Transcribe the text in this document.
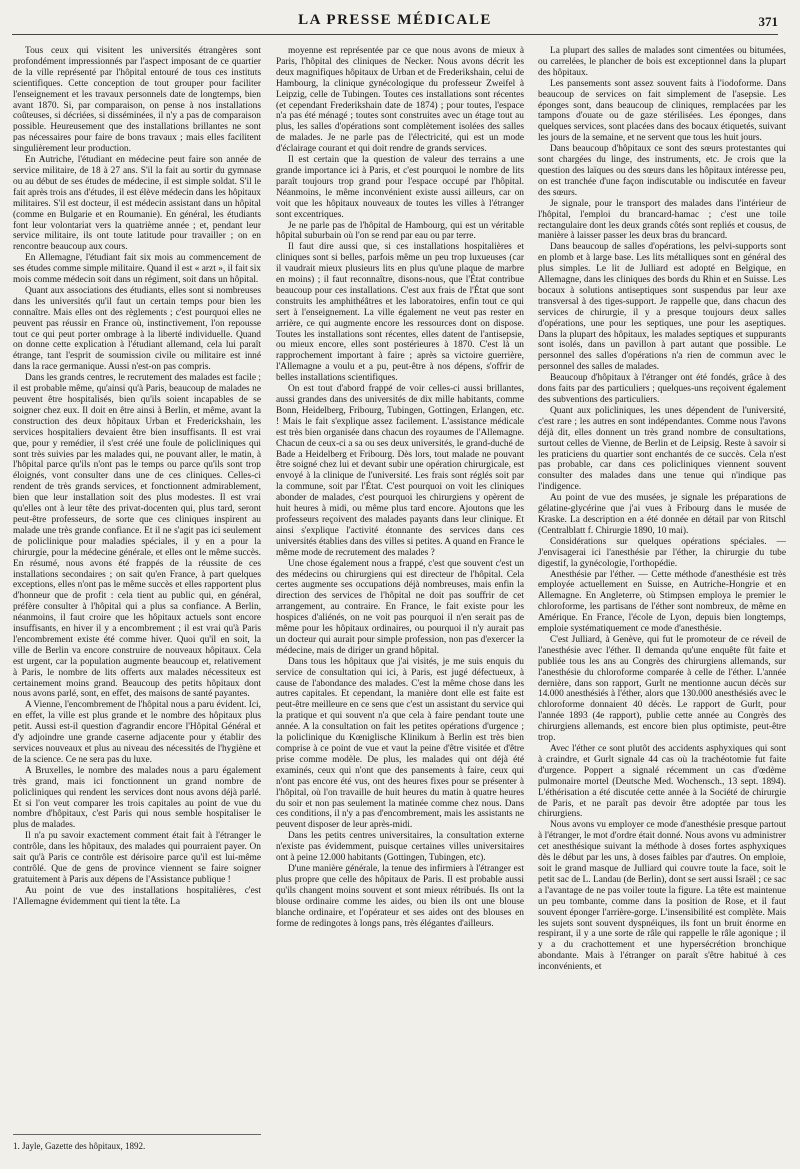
LA PRESSE MÉDICALE	371

Tous ceux qui visitent les universités étrangères sont profondément impressionnés par l'aspect imposant de ce quartier de la ville représenté par l'hôpital entouré de tous ces instituts scientifiques. Cette conception de tout grouper pour faciliter l'enseignement et les travaux personnels date de longtemps, bien avant 1870. Si, par comparaison, on pense à nos installations coûteuses, si décriées, si disséminées, il n'y a pas de comparaison possible. Heureusement que des installations brillantes ne sont pas nécessaires pour faire de bons travaux ; mais elles facilitent singulièrement leur production.

En Autriche, l'étudiant en médecine peut faire son année de service militaire, de 18 à 27 ans. S'il la fait au sortir du gymnase ou au début de ses études de médecine, il est simple soldat. S'il le fait après trois ans d'études, il est élève médecin dans les hôpitaux militaires. S'il est docteur, il est médecin assistant dans un hôpital (comme en Bulgarie et en Roumanie). En général, les étudiants font leur volontariat vers la quatrième année ; et, pendant leur service militaire, ils ont toute latitude pour travailler ; on en rencontre beaucoup aux cours.

En Allemagne, l'étudiant fait six mois au commencement de ses études comme simple militaire. Quand il est « arzt », il fait six mois comme médecin soit dans un régiment, soit dans un hôpital.

Quant aux associations des étudiants, elles sont si nombreuses dans les universités qu'il faut un certain temps pour bien les connaître. Mais elles ont des règlements ; c'est pourquoi elles ne peuvent pas réussir en France où, instinctivement, l'on repousse tout ce qui peut porter ombrage à la liberté individuelle. Quand on donne cette explication à l'étudiant allemand, cela lui paraît étrange, tant l'esprit de soumission civile ou militaire est inné dans la race germanique. Aussi n'est-on pas compris.

Dans les grands centres, le recrutement des malades est facile ; il est probable même, qu'ainsi qu'à Paris, beaucoup de malades ne peuvent être hospitalisés, bien qu'ils soient incapables de se soigner chez eux. Il doit en être ainsi à Berlin, et même, avant la construction des deux hôpitaux Urban et Frederickshain, les services hospitaliers devaient être bien insuffisants. Il est vrai que, pour y remédier, il s'est créé une foule de policliniques qui sont très suivies par les malades qui, ne pouvant aller, le matin, à l'hôpital parce qu'ils n'ont pas le temps ou parce qu'ils sont trop éloignés, vont consulter dans une de ces cliniques. Celles-ci rendent de très grands services, et fonctionnent admirablement, bien que leur installation soit des plus modestes. Il est vrai qu'elles ont à leur tête des privat-docenten qui, plus tard, seront peut-être professeurs, de sorte que ces cliniques inspirent au malade une très grande confiance. Et il ne s'agit pas ici seulement de policlinique pour maladies spéciales, il y en a pour la chirurgie, pour la médecine générale, et elles ont le même succès. En résumé, nous avons été frappés de la réussite de ces installations secondaires ; on sait qu'en France, à part quelques exceptions, elles n'ont pas le même succès et elles rapportent plus d'honneur que de profit : cela tient au public qui, en général, préfère consulter à l'hôpital qui a plus sa confiance. A Berlin, néanmoins, il faut croire que les hôpitaux actuels sont encore insuffisants, en hiver il y a encombrement ; il est vrai qu'à Paris l'encombrement existe été comme hiver. Quoi qu'il en soit, la ville de Berlin va encore construire de nouveaux hôpitaux. Cela est urgent, car la population augmente beaucoup et, relativement à Paris, le nombre de lits offerts aux malades nécessiteux est certainement moins grand. Beaucoup des petits hôpitaux dont nous avons parlé, sont, en effet, des maisons de santé payantes.

A Vienne, l'encombrement de l'hôpital nous a paru évident. Ici, en effet, la ville est plus grande et le nombre des hôpitaux plus petit. Aussi est-il question d'agrandir encore l'Hôpital Général et d'y adjoindre une grande caserne adjacente pour y établir des services nouveaux et plus au niveau des nécessités de l'hygiène et de la science. Ce ne sera pas du luxe.

A Bruxelles, le nombre des malades nous a paru également très grand, mais ici fonctionnent un grand nombre de policliniques qui rendent les services dont nous avons déjà parlé. Et si l'on veut comparer les trois capitales au point de vue du nombre d'hôpitaux, c'est Paris qui nous semble hospitaliser le plus de malades.

Il n'a pu savoir exactement comment était fait à l'étranger le contrôle, dans les hôpitaux, des malades qui pourraient payer. On sait qu'à Paris ce contrôle est dérisoire parce qu'il est lui-même contrôlé. Que de gens de province viennent se faire soigner gratuitement à Paris aux dépens de l'Assistance publique !

Au point de vue des installations hospitalières, c'est l'Allemagne évidemment qui tient la tête. La

1. Jayle, Gazette des hôpitaux, 1892.

moyenne est représentée par ce que nous avons de mieux à Paris, l'hôpital des cliniques de Necker. Nous avons décrit les deux magnifiques hôpitaux de Urban et de Frederikshain, celui de Hambourg, la clinique gynécologique du professeur Zweifel à Leipzig, celle de Tubingen. Toutes ces installations sont récentes (et cependant Frederikshain date de 1874) ; pour toutes, l'espace n'a pas été ménagé ; toutes sont construites avec un étage tout au plus, les salles d'opérations sont complètement isolées des salles de malades. Je ne parle pas de l'électricité, qui est un mode d'éclairage courant et qui doit rendre de grands services.

Il est certain que la question de valeur des terrains a une grande importance ici à Paris, et c'est pourquoi le nombre de lits paraît toujours trop grand pour l'espace occupé par l'hôpital. Néanmoins, le même inconvénient existe aussi ailleurs, car on voit que les hôpitaux nouveaux de toutes les villes à l'étranger sont excentriques.

Je ne parle pas de l'hôpital de Hambourg, qui est un véritable hôpital suburbain où l'on se rend par eau ou par terre.

Il faut dire aussi que, si ces installations hospitalières et cliniques sont si belles, parfois même un peu trop luxueuses (car il vaudrait mieux plusieurs lits en plus qu'une plaque de marbre en moins) ; il faut reconnaître, disons-nous, que l'État contribue beaucoup pour ces installations. C'est aux frais de l'État que sont construits les amphithéâtres et les laboratoires, enfin tout ce qui sert à l'enseignement. La ville également ne veut pas rester en arrière, ce qui augmente encore les ressources dont on dispose. Toutes les installations sont récentes, elles datent de l'antisepsie, ou mieux encore, elles sont postérieures à 1870. C'est là un rapprochement important à faire ; après sa victoire guerrière, l'Allemagne a voulu et a pu, peut-être à nos dépens, s'offrir de belles installations scientifiques.

On est tout d'abord frappé de voir celles-ci aussi brillantes, aussi grandes dans des universités de dix mille habitants, comme Bonn, Heidelberg, Fribourg, Tubingen, Gottingen, Erlangen, etc. ! Mais le fait s'explique assez facilement. L'assistance médicale est très bien organisée dans chacun des royaumes de l'Allemagne. Chacun de ceux-ci a sa ou ses deux universités, le grand-duché de Bade a Heidelberg et Fribourg. Dès lors, tout malade ne pouvant être soigné chez lui et devant subir une opération chirurgicale, est envoyé à la clinique de l'université. Les frais sont réglés soit par la commune, soit par l'État. C'est pourquoi on voit les cliniques abonder de malades, c'est pourquoi les chirurgiens y opèrent de huit heures à midi, ou même plus tard encore. Ajoutons que les professeurs reçoivent des malades payants dans leur clinique. Et ainsi s'explique l'activité étonnante des services dans ces universités établies dans des villes si petites. A quand en France le même mode de recrutement des malades ?

Une chose également nous a frappé, c'est que souvent c'est un des médecins ou chirurgiens qui est directeur de l'hôpital. Cela certes augmente ses occupations déjà nombreuses, mais enfin la direction des services de l'hôpital ne doit pas souffrir de cet arrangement, au contraire. En France, le fait existe pour les hospices d'aliénés, on ne voit pas pourquoi il n'en serait pas de même pour les hôpitaux ordinaires, ou pourquoi il n'y aurait pas un docteur qui aurait pour simple profession, non pas d'exercer la médecine, mais de diriger un grand hôpital.

Dans tous les hôpitaux que j'ai visités, je me suis enquis du service de consultation qui ici, à Paris, est jugé défectueux, à cause de l'abondance des malades. C'est la même chose dans les autres capitales. Et cependant, la manière dont elle est faite est peut-être meilleure en ce sens que c'est un assistant du service qui la pratique et qui souvent n'a que cela à faire pendant toute une année. A la consultation on fait les petites opérations d'urgence ; la policlinique du Kœniglische Klinikum à Berlin est très bien comprise à ce point de vue et vaut la peine d'être visitée et d'être prise comme modèle. De plus, les malades qui ont déjà été examinés, ceux qui n'ont que des pansements à faire, ceux qui n'ont pas encore été vus, ont des heures fixes pour se présenter à l'hôpital, où l'on travaille de huit heures du matin à quatre heures du soir et non pas seulement la matinée comme chez nous. Dans ces conditions, il n'y a pas d'encombrement, mais les assistants ne peuvent disposer de leur après-midi.

Dans les petits centres universitaires, la consultation externe n'existe pas évidemment, puisque certaines villes universitaires ont à peine 12.000 habitants (Gottingen, Tubingen, etc).

D'une manière générale, la tenue des infirmiers à l'étranger est plus propre que celle des hôpitaux de Paris. Il est probable aussi qu'ils changent moins souvent et sont mieux rétribués. Ils ont la blouse ordinaire comme les aides, ou bien ils ont une blouse blanche ordinaire, et l'opérateur et ses aides ont des blouses en forme de redingotes à longs pans, très élégantes d'ailleurs.

La plupart des salles de malades sont cimentées ou bitumées, ou carrelées, le plancher de bois est exceptionnel dans la plupart des hôpitaux.

Les pansements sont assez souvent faits à l'iodoforme. Dans beaucoup de services on fait simplement de l'asepsie. Les éponges sont, dans beaucoup de cliniques, remplacées par les tampons d'ouate ou de gaze stérilisées. Les éponges, dans quelques services, sont placées dans des bocaux étiquetés, suivant les jours de la semaine, et ne servent que tous les huit jours.

Dans beaucoup d'hôpitaux ce sont des sœurs protestantes qui sont chargées du linge, des instruments, etc. Je crois que la question des laïques ou des sœurs dans les hôpitaux intéresse peu, on est tranchée d'une façon indiscutable ou indiscutée en faveur des sœurs.

Je signale, pour le transport des malades dans l'intérieur de l'hôpital, l'emploi du brancard-hamac ; c'est une toile rectangulaire dont les deux grands côtés sont repliés et cousus, de manière à laisser passer les deux bras du brancard.

Dans beaucoup de salles d'opérations, les pelvi-supports sont en plomb et à large base. Les lits métalliques sont en général des plus simples. Le lit de Julliard est adopté en Belgique, en Allemagne, dans les cliniques des bords du Rhin et en Suisse. Les bocaux à solutions antiseptiques sont suspendus par leur axe transversal à des tiges-support. Je rappelle que, dans chacun des services de chirurgie, il y a presque toujours deux salles d'opérations, une pour les septiques, une pour les aseptiques. Dans la plupart des hôpitaux, les malades septiques et suppurants sont isolés, dans un pavillon à part autant que possible. Le personnel des salles d'opérations n'a rien de commun avec le personnel des salles de malades.

Beaucoup d'hôpitaux à l'étranger ont été fondés, grâce à des dons faits par des particuliers ; quelques-uns reçoivent également des subventions des particuliers.

Quant aux policliniques, les unes dépendent de l'université, c'est rare ; les autres en sont indépendantes. Comme nous l'avons déjà dit, elles donnent un très grand nombre de consultations, surtout celles de Vienne, de Berlin et de Leipsig. Reste à savoir si les praticiens du quartier sont enchantés de ce succès. Cela n'est pas probable, car dans ces policliniques viennent souvent consulter des malades dans une tenue qui n'indique pas l'indigence.

Au point de vue des musées, je signale les préparations de gélatine-glycérine que j'ai vues à Fribourg dans le musée de Kraske. La description en a été donnée en détail par von Ritschl (Centralblatt f. Chirurgie 1890, 10 mai).

Considérations sur quelques opérations spéciales. — J'envisagerai ici l'anesthésie par l'éther, la chirurgie du tube digestif, la gynécologie, l'orthopédie.

Anesthésie par l'éther. — Cette méthode d'anesthésie est très employée actuellement en Suisse, en Autriche-Hongrie et en Allemagne. En Angleterre, où Stimpsen employa le premier le chloroforme, les partisans de l'éther sont nombreux, de même en Amérique. En France, l'école de Lyon, depuis bien longtemps, emploie systématiquement ce mode d'anesthésie.

C'est Julliard, à Genève, qui fut le promoteur de ce réveil de l'anesthésie avec l'éther. Il demanda qu'une enquête fût faite et publiée tous les ans au Congrès des chirurgiens allemands, sur l'anesthésie du chloroforme comparée à celle de l'éther. L'année dernière, dans son rapport, Gurlt ne mentionne aucun décès sur 14.000 anesthésiés à l'éther, alors que 130.000 anesthésiés avec le chloroforme donnaient 40 décès. Le rapport de Gurlt, pour l'année 1893 (4e rapport), publie cette année au Congrès des chirurgiens allemands, est encore bien plus optimiste, peut-être trop.

Avec l'éther ce sont plutôt des accidents asphyxiques qui sont à craindre, et Gurlt signale 44 cas où la trachéotomie fut faite d'urgence. Poppert a signalé récemment un cas d'œdème pulmonaire mortel (Deutsche Med. Wochensch., 13 sept. 1894). L'éthérisation a été discutée cette année à la Société de chirurgie de Paris, et ne paraît pas devoir être adoptée par tous les chirurgiens.

Nous avons vu employer ce mode d'anesthésie presque partout à l'étranger, le mot d'ordre était donné. Nous avons vu administrer cet anesthésique suivant la méthode à doses fortes asphyxiques dès le début par les uns, à doses faibles par d'autres. On emploie, soit le grand masque de Julliard qui couvre toute la face, soit le petit sac de L. Landau (de Berlin), dont se sert aussi Israël ; ce sac a l'avantage de ne pas voiler toute la figure. La tête est maintenue un peu tombante, comme dans la position de Rose, et il faut souvent éponger l'arrière-gorge. L'insensibilité est complète. Mais les sujets sont souvent dyspnéiques, ils font un bruit énorme en respirant, il y a une sorte de râle qui rappelle le râle agonique ; il y a du crachottement et une hypersécrétion bronchique abondante. Mais à l'étranger on paraît s'être habitué à ces inconvénients, et
